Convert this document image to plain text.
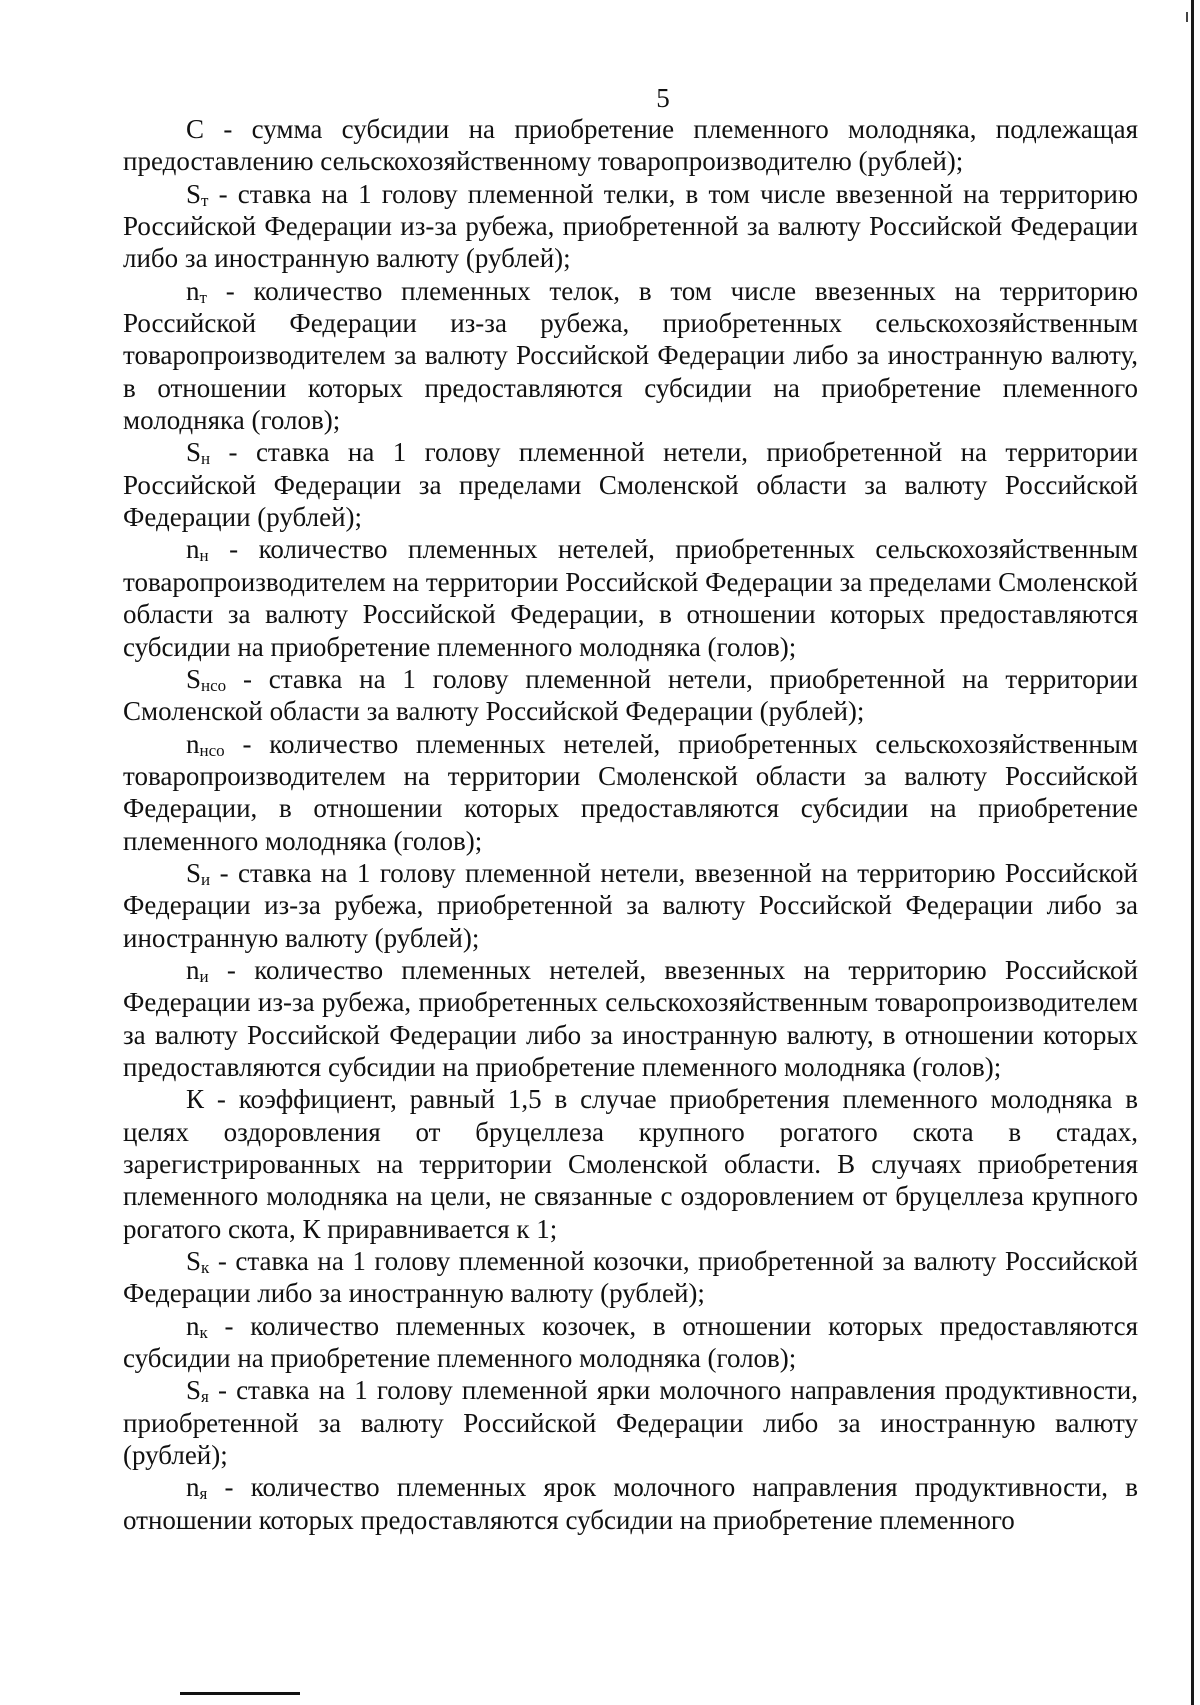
5

С - сумма субсидии на приобретение племенного молодняка, подлежащая предоставлению сельскохозяйственному товаропроизводителю (рублей);

$S_т$ - ставка на 1 голову племенной телки, в том числе ввезенной на территорию Российской Федерации из-за рубежа, приобретенной за валюту Российской Федерации либо за иностранную валюту (рублей);

$n_т$ - количество племенных телок, в том числе ввезенных на территорию Российской Федерации из-за рубежа, приобретенных сельскохозяйственным товаропроизводителем за валюту Российской Федерации либо за иностранную валюту, в отношении которых предоставляются субсидии на приобретение племенного молодняка (голов);

$S_н$ - ставка на 1 голову племенной нетели, приобретенной на территории Российской Федерации за пределами Смоленской области за валюту Российской Федерации (рублей);

$n_н$ - количество племенных нетелей, приобретенных сельскохозяйственным товаропроизводителем на территории Российской Федерации за пределами Смоленской области за валюту Российской Федерации, в отношении которых предоставляются субсидии на приобретение племенного молодняка (голов);

$S_{нсо}$ - ставка на 1 голову племенной нетели, приобретенной на территории Смоленской области за валюту Российской Федерации (рублей);

$n_{нсо}$ - количество племенных нетелей, приобретенных сельскохозяйственным товаропроизводителем на территории Смоленской области за валюту Российской Федерации, в отношении которых предоставляются субсидии на приобретение племенного молодняка (голов);

$S_и$ - ставка на 1 голову племенной нетели, ввезенной на территорию Российской Федерации из-за рубежа, приобретенной за валюту Российской Федерации либо за иностранную валюту (рублей);

$n_и$ - количество племенных нетелей, ввезенных на территорию Российской Федерации из-за рубежа, приобретенных сельскохозяйственным товаропроизводителем за валюту Российской Федерации либо за иностранную валюту, в отношении которых предоставляются субсидии на приобретение племенного молодняка (голов);

К - коэффициент, равный 1,5 в случае приобретения племенного молодняка в целях оздоровления от бруцеллеза крупного рогатого скота в стадах, зарегистрированных на территории Смоленской области. В случаях приобретения племенного молодняка на цели, не связанные с оздоровлением от бруцеллеза крупного рогатого скота, К приравнивается к 1;

$S_к$ - ставка на 1 голову племенной козочки, приобретенной за валюту Российской Федерации либо за иностранную валюту (рублей);

$n_к$ - количество племенных козочек, в отношении которых предоставляются субсидии на приобретение племенного молодняка (голов);

$S_я$ - ставка на 1 голову племенной ярки молочного направления продуктивности, приобретенной за валюту Российской Федерации либо за иностранную валюту (рублей);

$n_я$ - количество племенных ярок молочного направления продуктивности, в отношении которых предоставляются субсидии на приобретение племенного
